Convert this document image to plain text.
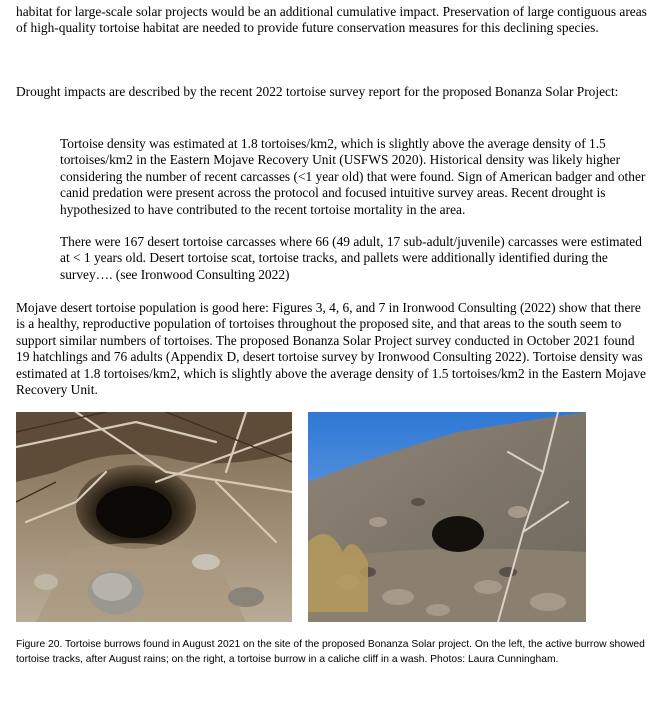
habitat for large-scale solar projects would be an additional cumulative impact. Preservation of large contiguous areas of high-quality tortoise habitat are needed to provide future conservation measures for this declining species.

Drought impacts are described by the recent 2022 tortoise survey report for the proposed Bonanza Solar Project:

Tortoise density was estimated at 1.8 tortoises/km2, which is slightly above the average density of 1.5 tortoises/km2 in the Eastern Mojave Recovery Unit (USFWS 2020). Historical density was likely higher considering the number of recent carcasses (<1 year old) that were found. Sign of American badger and other canid predation were present across the protocol and focused intuitive survey areas. Recent drought is hypothesized to have contributed to the recent tortoise mortality in the area.

There were 167 desert tortoise carcasses where 66 (49 adult, 17 sub-adult/juvenile) carcasses were estimated at < 1 years old. Desert tortoise scat, tortoise tracks, and pallets were additionally identified during the survey…. (see Ironwood Consulting 2022)

Mojave desert tortoise population is good here: Figures 3, 4, 6, and 7 in Ironwood Consulting (2022) show that there is a healthy, reproductive population of tortoises throughout the proposed site, and that areas to the south seem to support similar numbers of tortoises. The proposed Bonanza Solar Project survey conducted in October 2021 found 19 hatchlings and 76 adults (Appendix D, desert tortoise survey by Ironwood Consulting 2022). Tortoise density was estimated at 1.8 tortoises/km2, which is slightly above the average density of 1.5 tortoises/km2 in the Eastern Mojave Recovery Unit.

Figure 20. Tortoise burrows found in August 2021 on the site of the proposed Bonanza Solar project. On the left, the active burrow showed tortoise tracks, after August rains; on the right, a tortoise burrow in a caliche cliff in a wash. Photos: Laura Cunningham.
